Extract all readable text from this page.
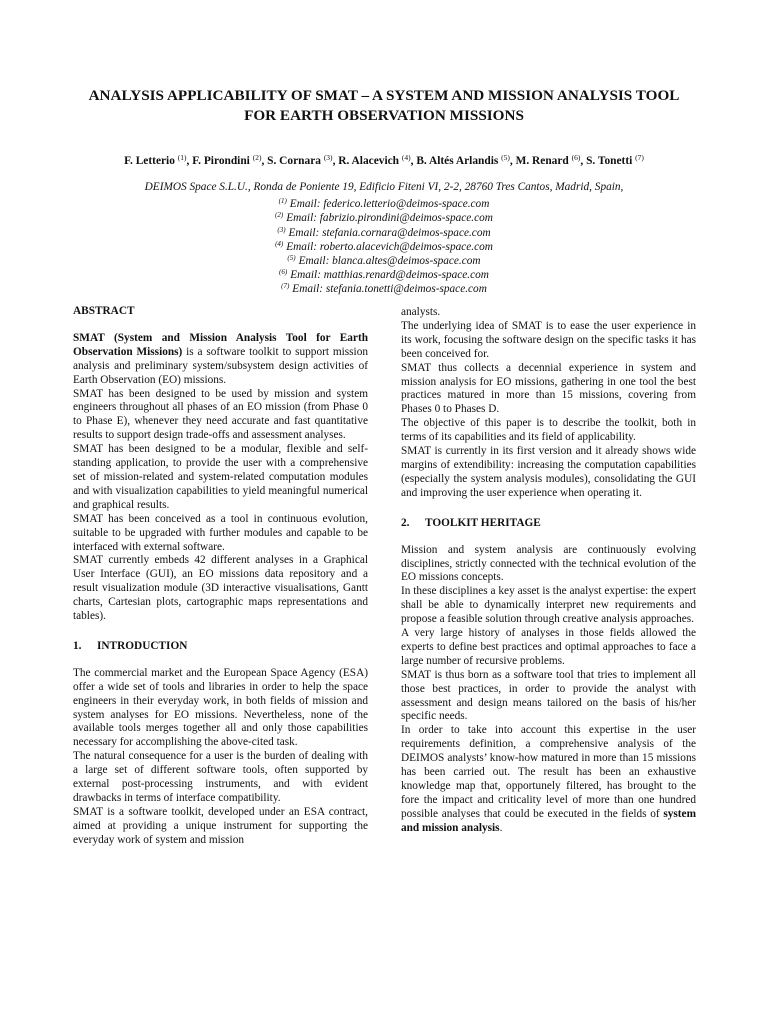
ANALYSIS APPLICABILITY OF SMAT – A SYSTEM AND MISSION ANALYSIS TOOL
FOR EARTH OBSERVATION MISSIONS
F. Letterio $^{(1)}$, F. Pirondini $^{(2)}$, S. Cornara $^{(3)}$, R. Alacevich $^{(4)}$, B. Altés Arlandis $^{(5)}$, M. Renard $^{(6)}$, S. Tonetti $^{(7)}$
DEIMOS Space S.L.U., Ronda de Poniente 19, Edificio Fiteni VI, 2-2, 28760 Tres Cantos, Madrid, Spain,
$^{(1)}$ Email: federico.letterio@deimos-space.com
$^{(2)}$ Email: fabrizio.pirondini@deimos-space.com
$^{(3)}$ Email: stefania.cornara@deimos-space.com
$^{(4)}$ Email: roberto.alacevich@deimos-space.com
$^{(5)}$ Email: blanca.altes@deimos-space.com
$^{(6)}$ Email: matthias.renard@deimos-space.com
$^{(7)}$ Email: stefania.tonetti@deimos-space.com
ABSTRACT

SMAT (System and Mission Analysis Tool for Earth Observation Missions) is a software toolkit to support mission analysis and preliminary system/subsystem design activities of Earth Observation (EO) missions.

SMAT has been designed to be used by mission and system engineers throughout all phases of an EO mission (from Phase 0 to Phase E), whenever they need accurate and fast quantitative results to support design trade-offs and assessment analyses.

SMAT has been designed to be a modular, flexible and self-standing application, to provide the user with a comprehensive set of mission-related and system-related computation modules and with visualization capabilities to yield meaningful numerical and graphical results.

SMAT has been conceived as a tool in continuous evolution, suitable to be upgraded with further modules and capable to be interfaced with external software.

SMAT currently embeds 42 different analyses in a Graphical User Interface (GUI), an EO missions data repository and a result visualization module (3D interactive visualisations, Gantt charts, Cartesian plots, cartographic maps representations and tables).

1. INTRODUCTION

The commercial market and the European Space Agency (ESA) offer a wide set of tools and libraries in order to help the space engineers in their everyday work, in both fields of mission and system analyses for EO missions. Nevertheless, none of the available tools merges together all and only those capabilities necessary for accomplishing the above-cited task.

The natural consequence for a user is the burden of dealing with a large set of different software tools, often supported by external post-processing instruments, and with evident drawbacks in terms of interface compatibility.

SMAT is a software toolkit, developed under an ESA contract, aimed at providing a unique instrument for supporting the everyday work of system and mission

analysts.

The underlying idea of SMAT is to ease the user experience in its work, focusing the software design on the specific tasks it has been conceived for.

SMAT thus collects a decennial experience in system and mission analysis for EO missions, gathering in one tool the best practices matured in more than 15 missions, covering from Phases 0 to Phases D.

The objective of this paper is to describe the toolkit, both in terms of its capabilities and its field of applicability.

SMAT is currently in its first version and it already shows wide margins of extendibility: increasing the computation capabilities (especially the system analysis modules), consolidating the GUI and improving the user experience when operating it.

2. TOOLKIT HERITAGE

Mission and system analysis are continuously evolving disciplines, strictly connected with the technical evolution of the EO missions concepts.

In these disciplines a key asset is the analyst expertise: the expert shall be able to dynamically interpret new requirements and propose a feasible solution through creative analysis approaches.

A very large history of analyses in those fields allowed the experts to define best practices and optimal approaches to face a large number of recursive problems.

SMAT is thus born as a software tool that tries to implement all those best practices, in order to provide the analyst with assessment and design means tailored on the basis of his/her specific needs.

In order to take into account this expertise in the user requirements definition, a comprehensive analysis of the DEIMOS analysts’ know-how matured in more than 15 missions has been carried out. The result has been an exhaustive knowledge map that, opportunely filtered, has brought to the fore the impact and criticality level of more than one hundred possible analyses that could be executed in the fields of system and mission analysis.
